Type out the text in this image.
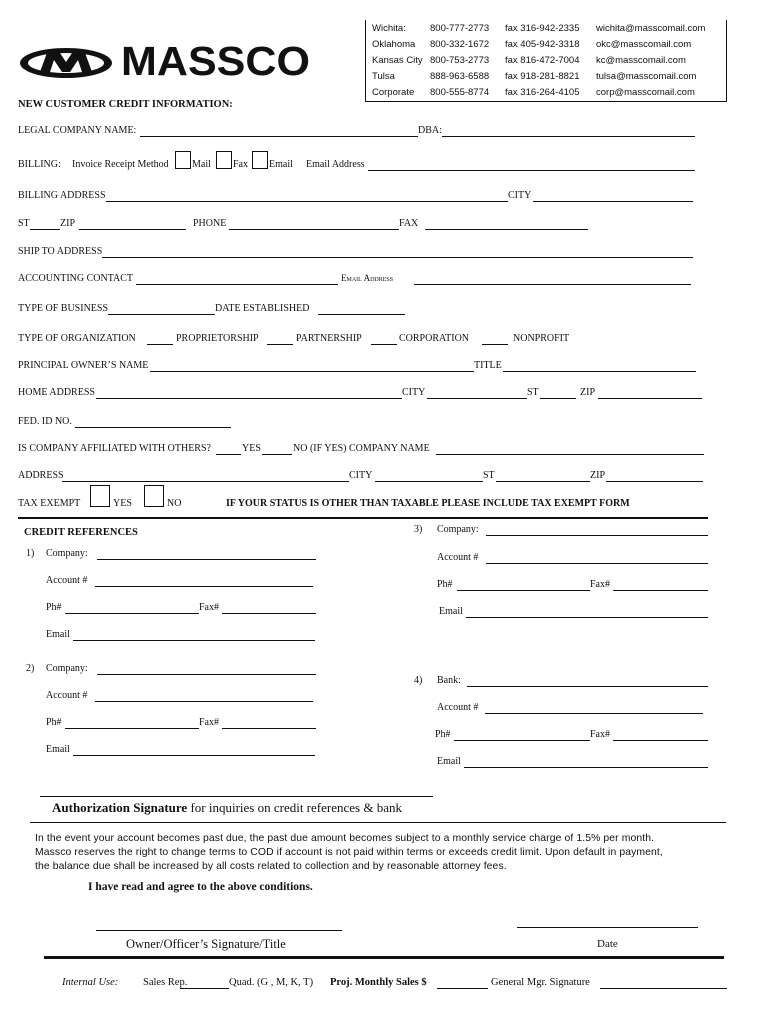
MASSCO
Wichita:	800-777-2773 fax 316-942-2335 wichita@masscomail.com
Oklahoma 800-332-1672 fax 405-942-3318 okc@masscomail.com
Kansas City 800-753-2773 fax 816-472-7004 kc@masscomail.com
Tulsa	888-963-6588 fax 918-281-8821 tulsa@masscomail.com
Corporate 800-555-8774 fax 316-264-4105 corp@masscomail.com
NEW CUSTOMER CREDIT INFORMATION:
LEGAL COMPANY NAME:	DBA:
BILLING: Invoice Receipt Method Mail Fax Email Email Address
BILLING ADDRESS	CITY
ST	ZIP	PHONE	FAX
SHIP TO ADDRESS
ACCOUNTING CONTACT	Email Address
TYPE OF BUSINESS	DATE ESTABLISHED
TYPE OF ORGANIZATION	PROPRIETORSHIP	PARTNERSHIP	CORPORATION	NONPROFIT
PRINCIPAL OWNER’S NAME	TITLE
HOME ADDRESS	CITY	ST	ZIP
FED. ID NO.
IS COMPANY AFFILIATED WITH OTHERS?	YES	NO (IF YES) COMPANY NAME
ADDRESS	CITY	ST	ZIP
TAX EXEMPT	YES	NO	IF YOUR STATUS IS OTHER THAN TAXABLE PLEASE INCLUDE TAX EXEMPT FORM
CREDIT REFERENCES
1) Company:
Account #
Ph#	Fax#
Email
2) Company:
Account #
Ph#	Fax#
Email
3) Company:
Account #
Ph#	Fax#
Email
4) Bank:
Account #
Ph#	Fax#
Email
Authorization Signature for inquiries on credit references & bank
In the event your account becomes past due, the past due amount becomes subject to a monthly service charge of 1.5% per month.
Massco reserves the right to change terms to COD if account is not paid within terms or exceeds credit limit. Upon default in payment,
the balance due shall be increased by all costs related to collection and by reasonable attorney fees.
I have read and agree to the above conditions.
Owner/Officer’s Signature/Title	Date
Internal Use: Sales Rep.	Quad. (G , M, K, T) Proj. Monthly Sales $	General Mgr. Signature
